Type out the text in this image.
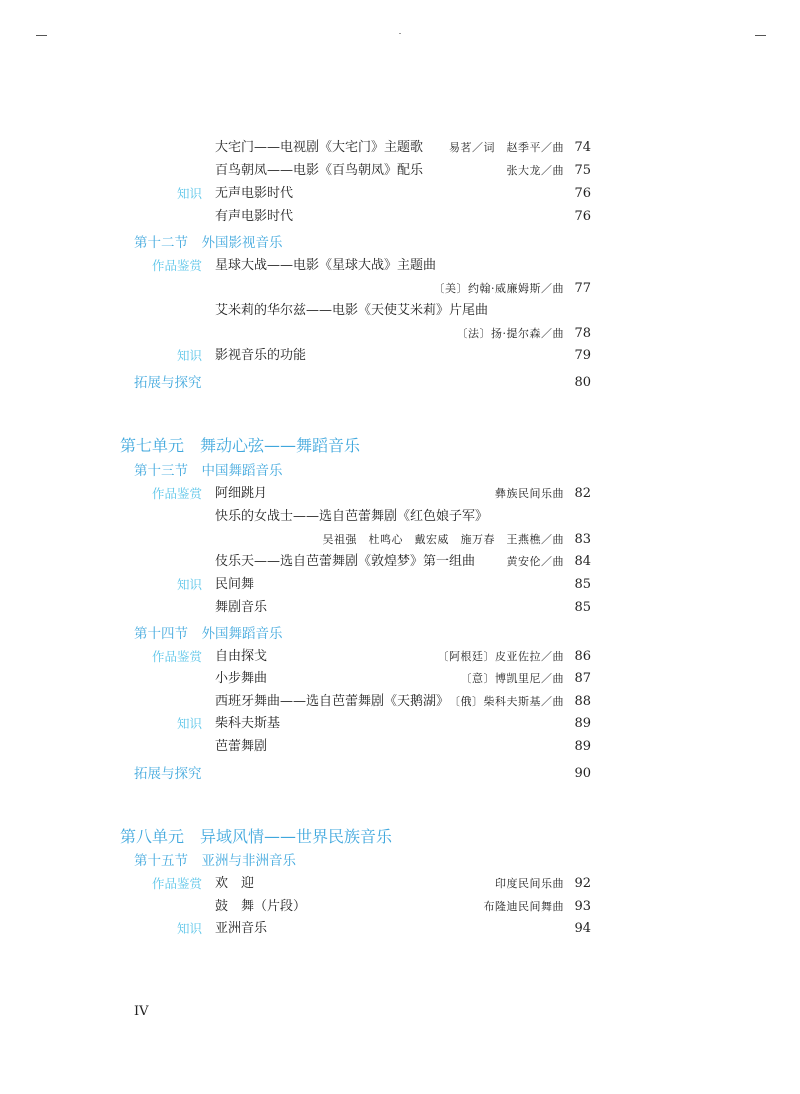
大宅门——电视剧《大宅门》主题歌 易茗／词　赵季平／曲 74
百鸟朝凤——电影《百鸟朝凤》配乐	张大龙／曲 75
知识 无声电影时代	76
有声电影时代	76
第十二节　外国影视音乐
作品鉴赏 星球大战——电影《星球大战》主题曲
〔美〕约翰·威廉姆斯／曲 77
艾米莉的华尔兹——电影《天使艾米莉》片尾曲
〔法〕扬·提尔森／曲 78
知识 影视音乐的功能	79
拓展与探究	80
第七单元　舞动心弦——舞蹈音乐
第十三节　中国舞蹈音乐
作品鉴赏 阿细跳月	彝族民间乐曲 82
快乐的女战士——选自芭蕾舞剧《红色娘子军》
吴祖强　杜鸣心　戴宏威　施万春　王燕樵／曲 83
伎乐天——选自芭蕾舞剧《敦煌梦》第一组曲	黄安伦／曲 84
知识 民间舞	85
舞剧音乐	85
第十四节　外国舞蹈音乐
作品鉴赏 自由探戈	〔阿根廷〕皮亚佐拉／曲 86
小步舞曲	〔意〕博凯里尼／曲 87
西班牙舞曲——选自芭蕾舞剧《天鹅湖》 〔俄〕柴科夫斯基／曲 88
知识 柴科夫斯基	89
芭蕾舞剧	89
拓展与探究	90
第八单元　异域风情——世界民族音乐
第十五节　亚洲与非洲音乐
作品鉴赏 欢　迎	印度民间乐曲 92
鼓　舞（片段）	布隆迪民间舞曲 93
知识 亚洲音乐	94
IV
